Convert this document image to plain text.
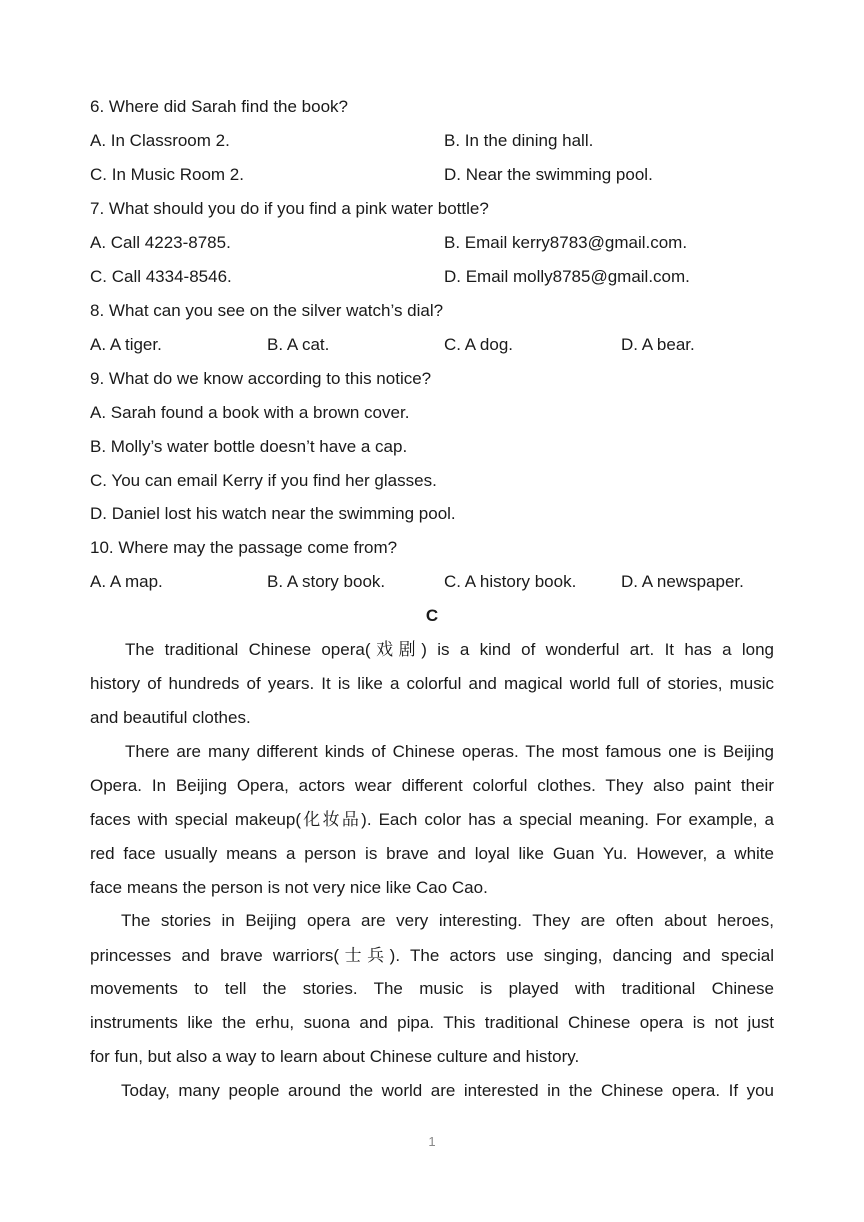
6. Where did Sarah find the book?
A. In Classroom 2.	B. In the dining hall.
C. In Music Room 2.	D. Near the swimming pool.
7. What should you do if you find a pink water bottle?
A. Call 4223-8785.	B. Email kerry8783@gmail.com.
C. Call 4334-8546.	D. Email molly8785@gmail.com.
8. What can you see on the silver watch’s dial?
A. A tiger.	B. A cat.	C. A dog.	D. A bear.
9. What do we know according to this notice?
A. Sarah found a book with a brown cover.
B. Molly’s water bottle doesn’t have a cap.
C. You can email Kerry if you find her glasses.
D. Daniel lost his watch near the swimming pool.
10. Where may the passage come from?
A. A map.	B. A story book.	C. A history book.	D. A newspaper.
C
The traditional Chinese opera(戏剧) is a kind of wonderful art. It has a long
history of hundreds of years. It is like a colorful and magical world full of stories, music
and beautiful clothes.
There are many different kinds of Chinese operas. The most famous one is Beijing
Opera. In Beijing Opera, actors wear different colorful clothes. They also paint their
faces with special makeup(化妆品). Each color has a special meaning. For example, a
red face usually means a person is brave and loyal like Guan Yu. However, a white
face means the person is not very nice like Cao Cao.
The stories in Beijing opera are very interesting. They are often about heroes,
princesses and brave warriors(士兵). The actors use singing, dancing and special
movements to tell the stories. The music is played with traditional Chinese
instruments like the erhu, suona and pipa. This traditional Chinese opera is not just
for fun, but also a way to learn about Chinese culture and history.
Today, many people around the world are interested in the Chinese opera. If you
1
